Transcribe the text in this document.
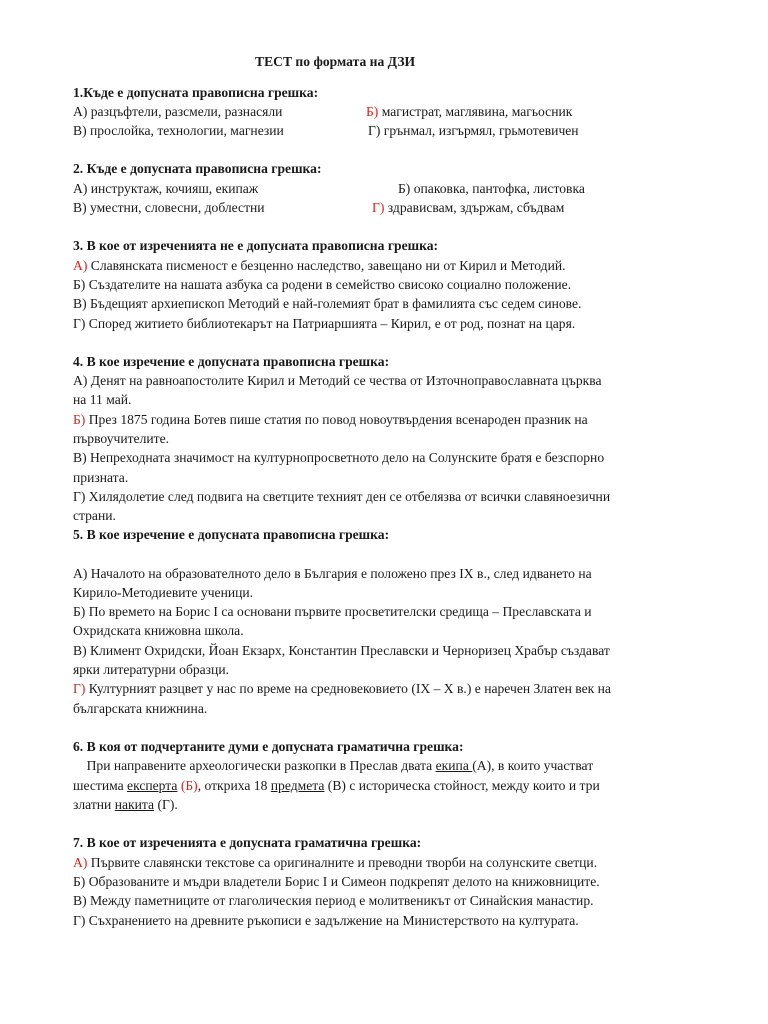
ТЕСТ по формата на ДЗИ
1.Къде е допусната правописна грешка:
А) разцъфтели, разсмели, разнасяли	Б) магистрат, маглявина, магьосник
В) прослойка, технологии, магнезии	Г) грънмал, изгърмял, грьмотевичен
2. Къде е допусната правописна грешка:
А) инструктаж, кочияш, екипаж	Б) опаковка, пантофка, листовка
В) уместни, словесни, доблестни	Г) здрависвам, здържам, сбъдвам
3. В кое от изреченията не е допусната правописна грешка:
А) Славянската писменост е безценно наследство, завещано ни от Кирил и Методий.
Б) Създателите на нашата азбука са родени в семейство свисоко социално положение.
В) Бъдещият архиепископ Методий е най-големият брат в фамилията със седем синове.
Г) Според житието библиотекарът на Патриаршията – Кирил, е от род, познат на царя.
4. В кое изречение е допусната правописна грешка:
А) Денят на равноапостолите Кирил и Методий се чества от Източноправославната църква
на 11 май.
Б) През 1875 година Ботев пише статия по повод новоутвърдения всенароден празник на
първоучителите.
В) Непреходната значимост на културнопросветното дело на Солунските братя е безспорно
призната.
Г) Хилядолетие след подвига на светците техният ден се отбелязва от всички славяноезични
страни.
5. В кое изречение е допусната правописна грешка:
А) Началото на образователното дело в България е положено през IX в., след идването на
Кирило-Методиевите ученици.
Б) По времето на Борис I са основани първите просветителски средища – Преславската и
Охридската книжовна школа.
В) Климент Охридски, Йоан Екзарх, Константин Преславски и Черноризец Храбър създават
ярки литературни образци.
Г) Културният разцвет у нас по време на средновековието (IX – X в.) е наречен Златен век на
българската книжнина.
6. В коя от подчертаните думи е допусната граматична грешка:
При направените археологически разкопки в Преслав двата екипа (А), в които участват
шестима експерта (Б), откриха 18 предмета (В) с историческа стойност, между които и три
златни накита (Г).
7. В кое от изреченията е допусната граматична грешка:
А) Първите славянски текстове са оригиналните и преводни творби на солунските светци.
Б) Образованите и мъдри владетели Борис I и Симеон подкрепят делото на книжовниците.
В) Между паметниците от глаголическия период е молитвеникът от Синайския манастир.
Г) Съхранението на древните ръкописи е задължение на Министерството на културата.
